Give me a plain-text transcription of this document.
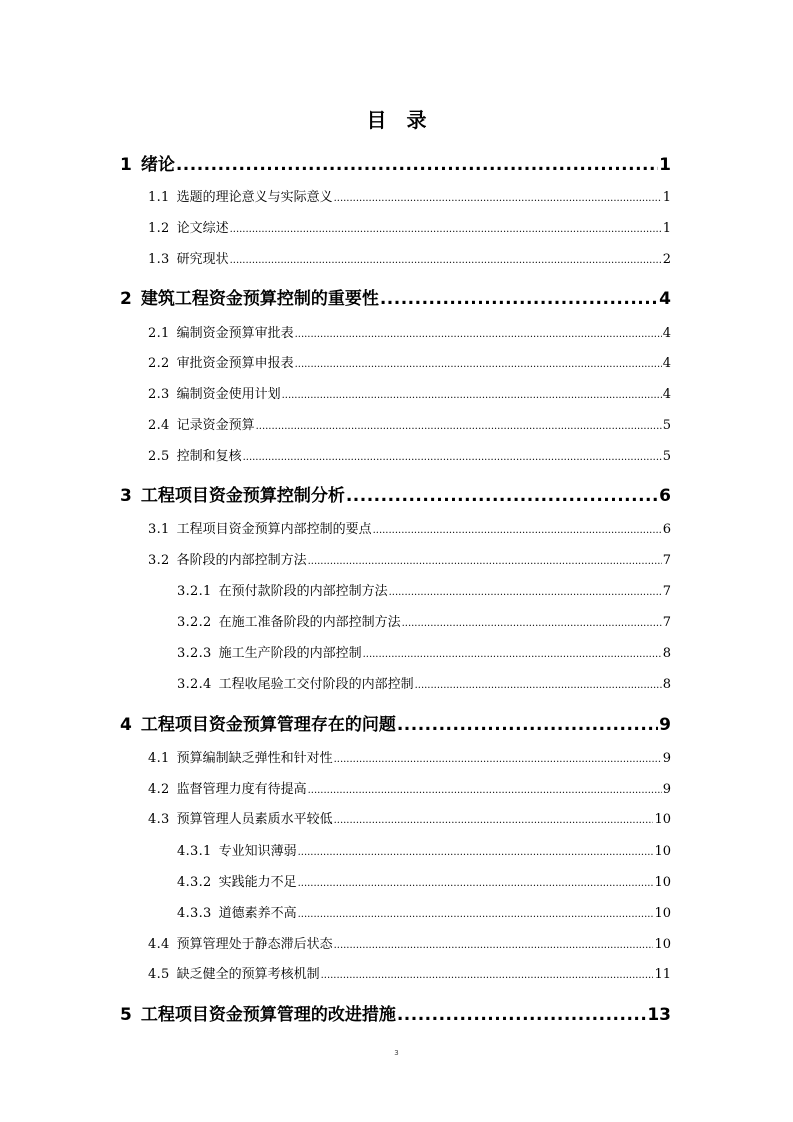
目 录
1 绪论 .....	1
1.1 选题的理论意义与实际意义 .....	1
1.2 论文综述 .....	1
1.3 研究现状 .....	2
2 建筑工程资金预算控制的重要性 .....	4
2.1 编制资金预算审批表 .....	4
2.2 审批资金预算申报表 .....	4
2.3 编制资金使用计划 .....	4
2.4 记录资金预算 .....	5
2.5 控制和复核 .....	5
3 工程项目资金预算控制分析 .....	6
3.1 工程项目资金预算内部控制的要点 .....	6
3.2 各阶段的内部控制方法 .....	7
3.2.1 在预付款阶段的内部控制方法 .....	7
3.2.2 在施工准备阶段的内部控制方法 .....	7
3.2.3 施工生产阶段的内部控制 .....	8
3.2.4 工程收尾验工交付阶段的内部控制 .....	8
4 工程项目资金预算管理存在的问题 .....	9
4.1 预算编制缺乏弹性和针对性 .....	9
4.2 监督管理力度有待提高 .....	9
4.3 预算管理人员素质水平较低 .....	10
4.3.1 专业知识薄弱 .....	10
4.3.2 实践能力不足 .....	10
4.3.3 道德素养不高 .....	10
4.4 预算管理处于静态滞后状态 .....	10
4.5 缺乏健全的预算考核机制 .....	11
5 工程项目资金预算管理的改进措施 .....	13
3
